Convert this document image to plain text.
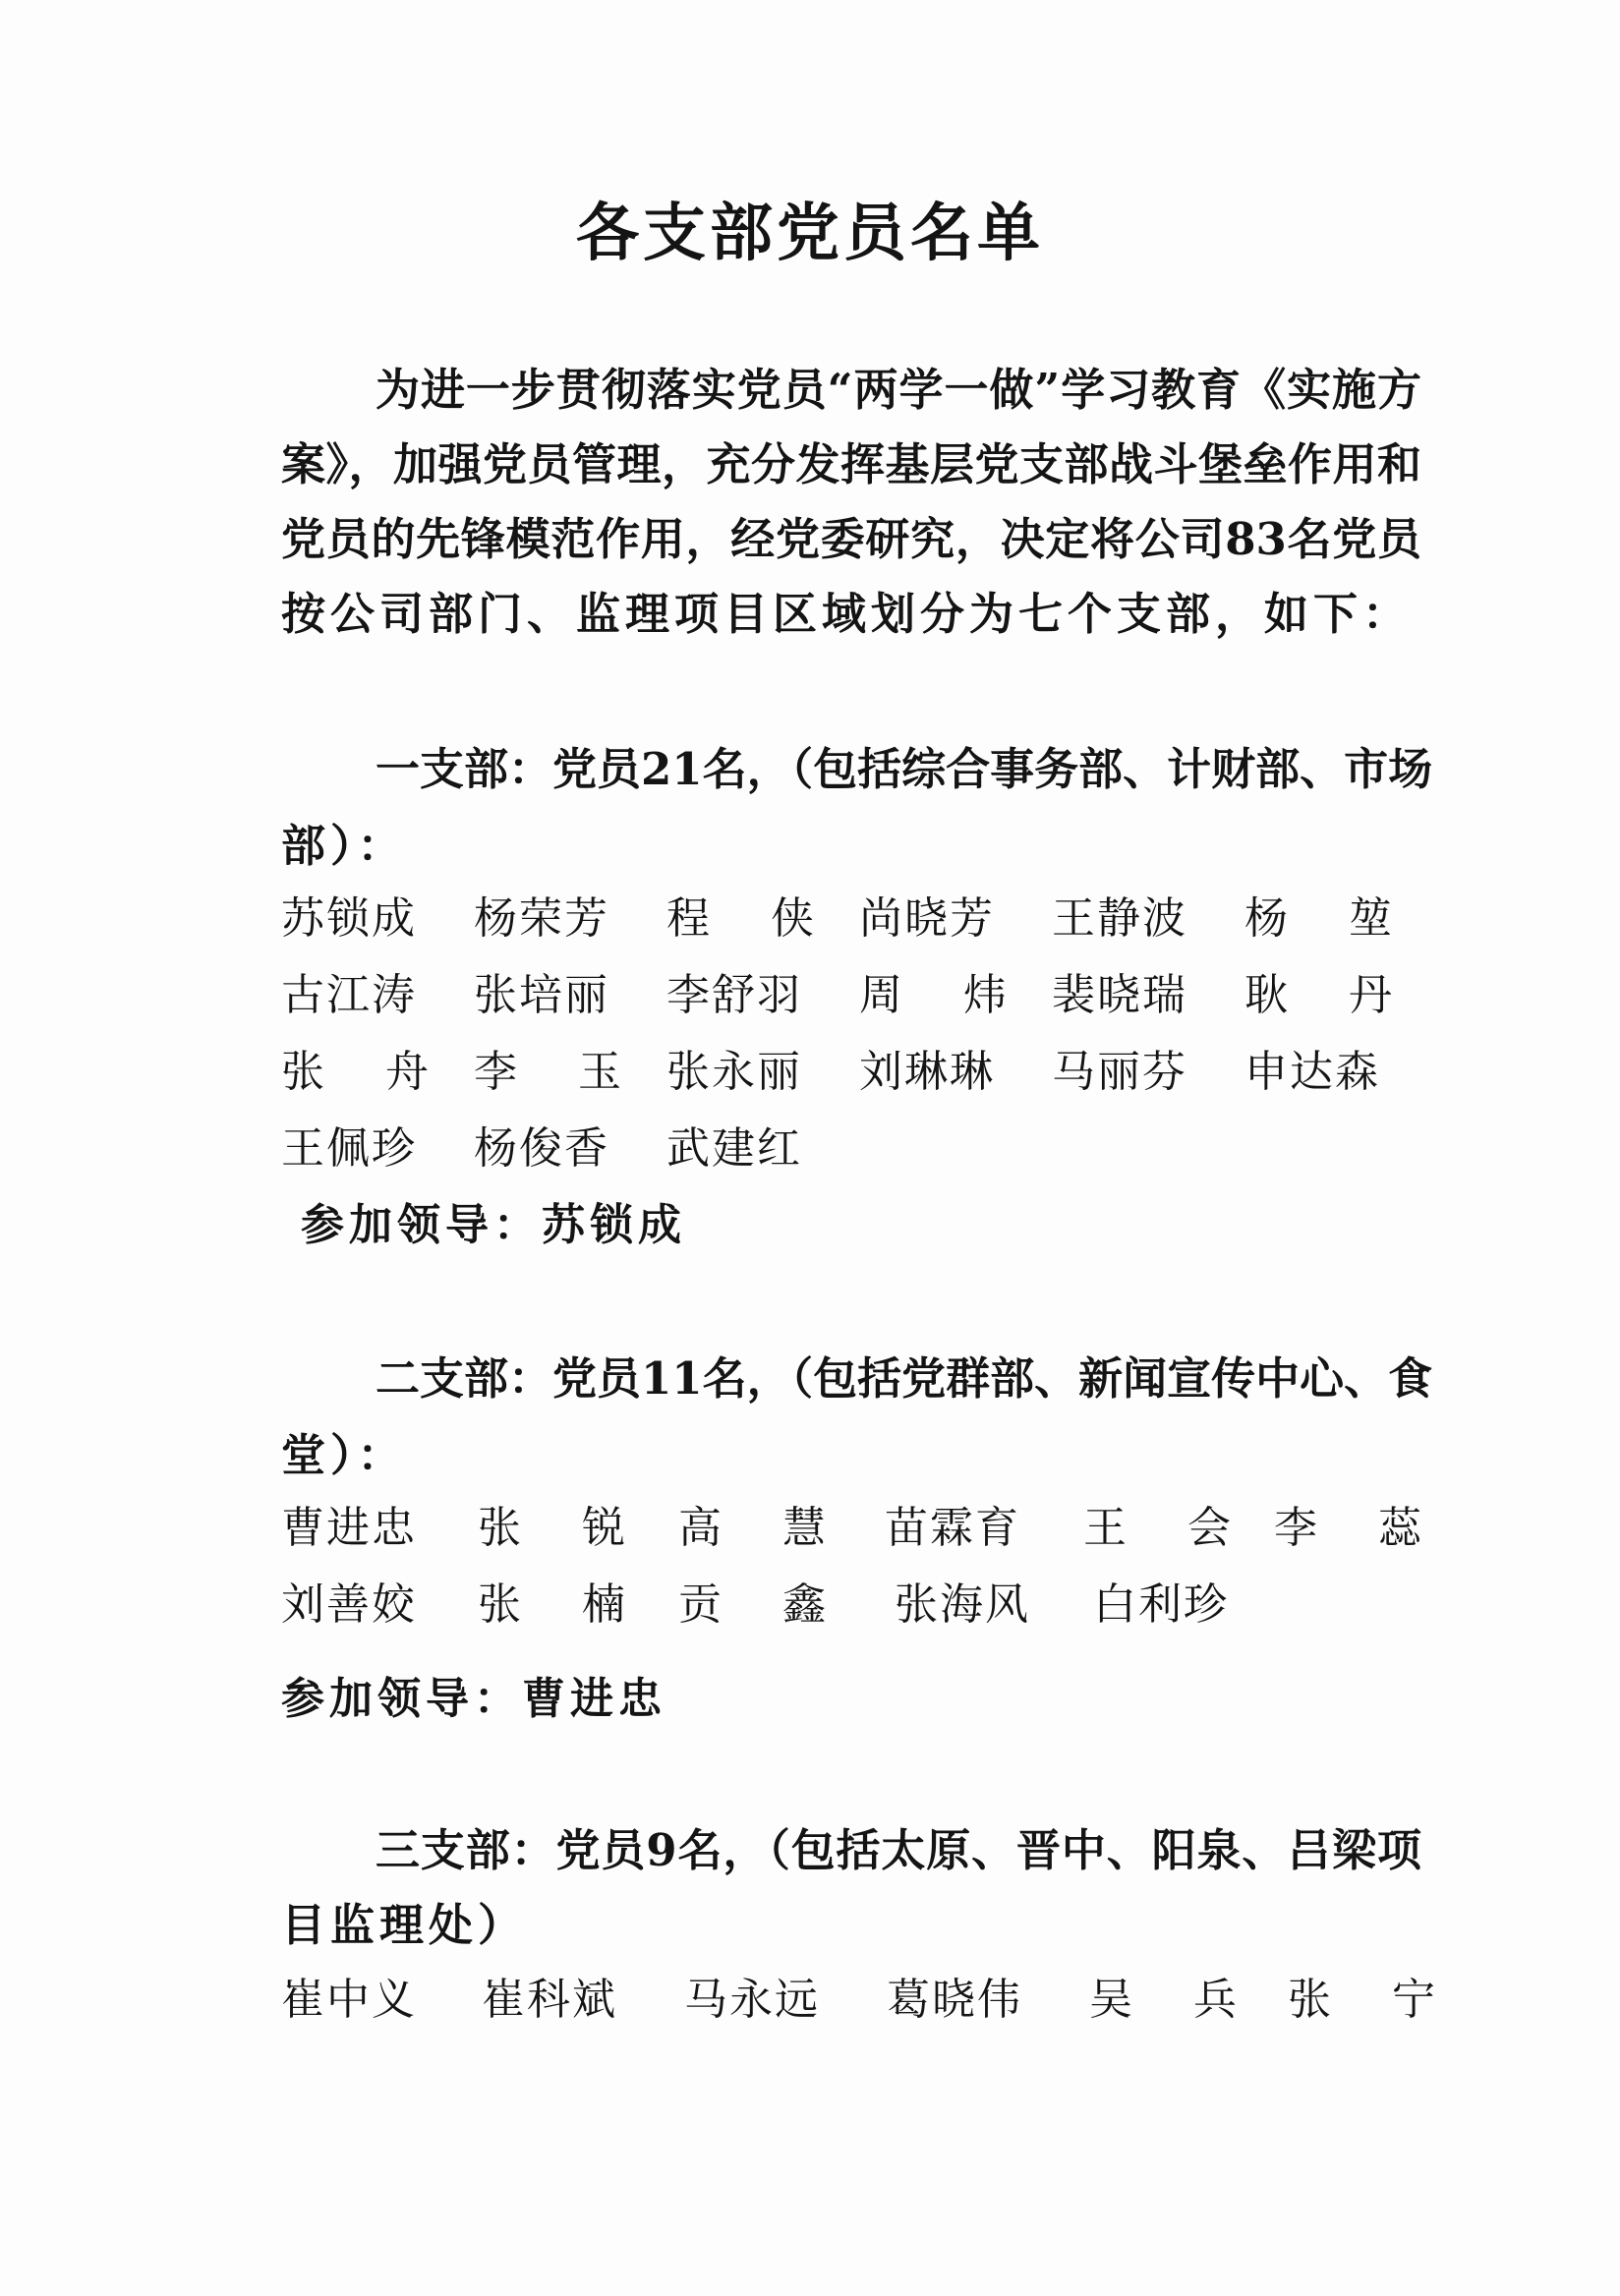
各支部党员名单
为进一步贯彻落实党员“两学一做”学习教育《实施方
案》，加强党员管理，充分发挥基层党支部战斗堡垒作用和
党员的先锋模范作用，经党委研究，决定将公司83名党员
按公司部门、监理项目区域划分为七个支部，如下：
一支部：党员21名，（包括综合事务部、计财部、市场
部）：
苏锁成 杨荣芳 程 侠 尚晓芳 王静波 杨 堃
古江涛 张培丽 李舒羽 周 炜 裴晓瑞 耿 丹
张 舟 李 玉 张永丽 刘琳琳 马丽芬 申达森
王佩珍 杨俊香 武建红
参加领导：苏锁成
二支部：党员11名，（包括党群部、新闻宣传中心、食
堂）：
曹进忠 张 锐 高 慧 苗霖育 王 会 李 蕊
刘善姣 张 楠 贡 鑫 张海风 白利珍
参加领导：曹进忠
三支部：党员9名，（包括太原、晋中、阳泉、吕梁项
目监理处）
崔中义 崔科斌 马永远 葛晓伟 吴 兵 张 宁
